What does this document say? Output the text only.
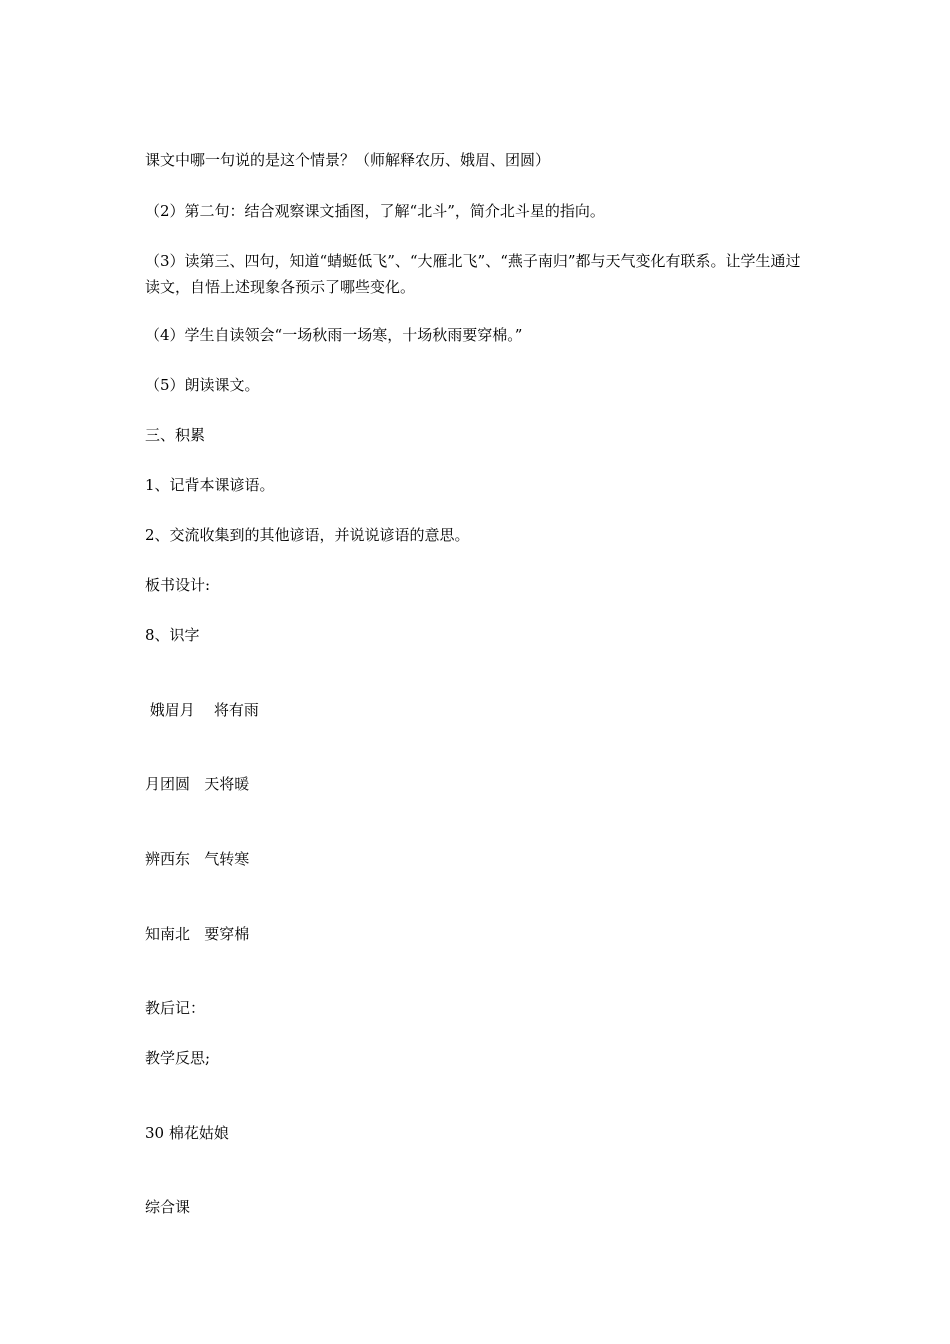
课文中哪一句说的是这个情景？（师解释农历、娥眉、团圆）

（2）第二句：结合观察课文插图，了解“北斗”，简介北斗星的指向。

（3）读第三、四句，知道“蜻蜓低飞”、“大雁北飞”、“燕子南归”都与天气变化有联系。让学生通过读文，自悟上述现象各预示了哪些变化。

（4）学生自读领会“一场秋雨一场寒，十场秋雨要穿棉。”

（5）朗读课文。

三、积累

1、记背本课谚语。

2、交流收集到的其他谚语，并说说谚语的意思。

板书设计:

8、识字

娥眉月    将有雨

月团圆   天将暖

辨西东   气转寒

知南北   要穿棉

教后记：

教学反思;

30 棉花姑娘

综合课
